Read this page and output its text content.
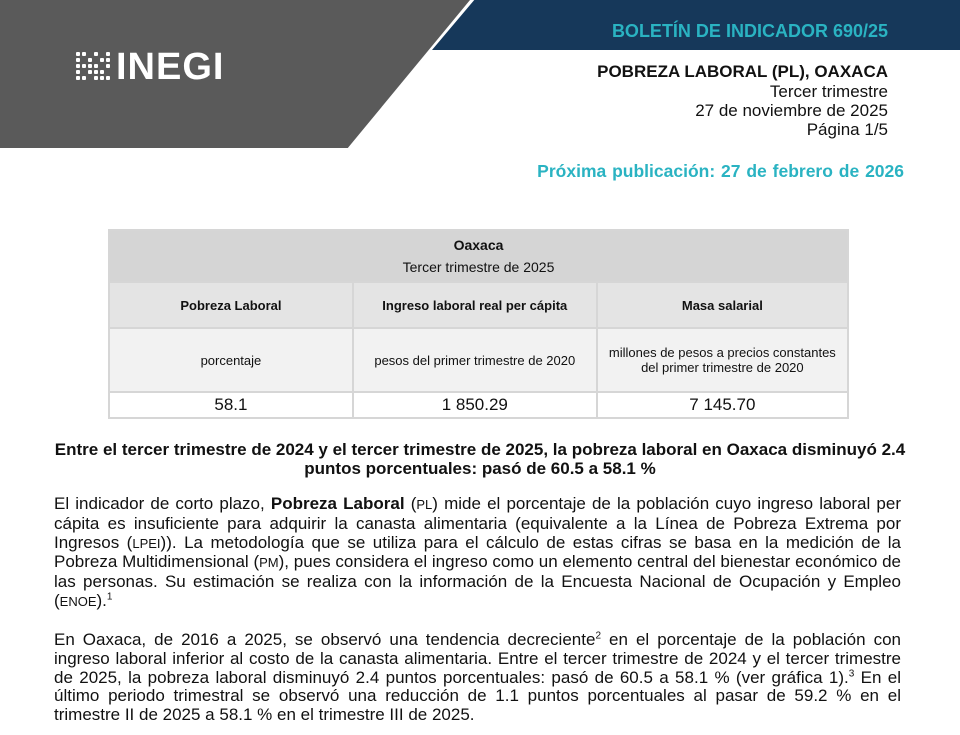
INEGI
BOLETÍN DE INDICADOR 690/25
POBREZA LABORAL (PL), OAXACA
Tercer trimestre
27 de noviembre de 2025
Página 1/5
Próxima publicación: 27 de febrero de 2026
Oaxaca
Tercer trimestre de 2025		

Pobreza Laboral	Ingreso laboral real per cápita	Masa salarial
porcentaje	pesos del primer trimestre de 2020	millones de pesos a precios constantes del primer trimestre de 2020
58.1	1 850.29	7 145.70
Entre el tercer trimestre de 2024 y el tercer trimestre de 2025, la pobreza laboral en Oaxaca disminuyó 2.4 puntos porcentuales: pasó de 60.5 a 58.1 %

El indicador de corto plazo, Pobreza Laboral (PL) mide el porcentaje de la población cuyo ingreso laboral per cápita es insuficiente para adquirir la canasta alimentaria (equivalente a la Línea de Pobreza Extrema por Ingresos (LPEI)). La metodología que se utiliza para el cálculo de estas cifras se basa en la medición de la Pobreza Multidimensional (PM), pues considera el ingreso como un elemento central del bienestar económico de las personas. Su estimación se realiza con la información de la Encuesta Nacional de Ocupación y Empleo (ENOE).$^1$

En Oaxaca, de 2016 a 2025, se observó una tendencia decreciente$^2$ en el porcentaje de la población con ingreso laboral inferior al costo de la canasta alimentaria. Entre el tercer trimestre de 2024 y el tercer trimestre de 2025, la pobreza laboral disminuyó 2.4 puntos porcentuales: pasó de 60.5 a 58.1 % (ver gráfica 1).$^3$ En el último periodo trimestral se observó una reducción de 1.1 puntos porcentuales al pasar de 59.2 % en el trimestre II de 2025 a 58.1 % en el trimestre III de 2025.
